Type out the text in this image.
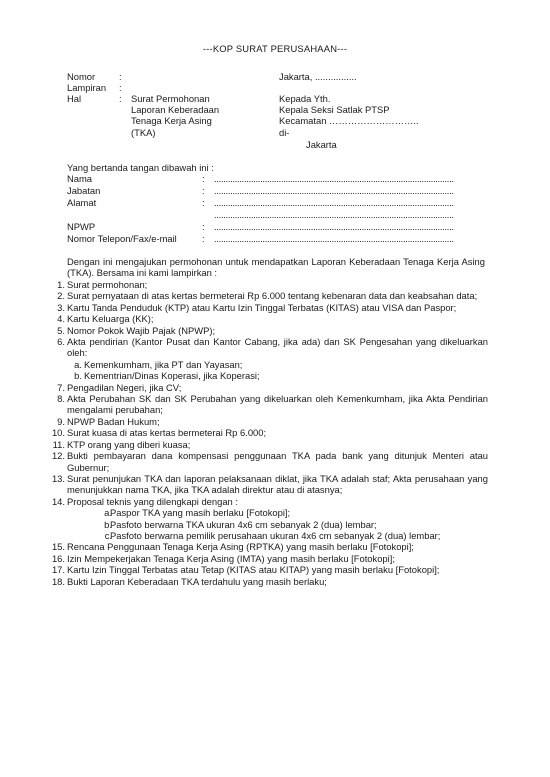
---KOP SURAT PERUSAHAAN---
Nomor	:
Lampiran :
Hal	: Surat Permohonan
Laporan Keberadaan
Tenaga Kerja Asing
(TKA)
Jakarta, ................
Kepada Yth.
Kepala Seksi Satlak PTSP
Kecamatan ………………………..
di-
Jakarta
Yang bertanda tangan dibawah ini :
Nama	: ........................................................................................................
Jabatan	: ........................................................................................................
Alamat	: ........................................................................................................
........................................................................................................
NPWP	: ........................................................................................................
Nomor Telepon/Fax/e-mail	: ........................................................................................................
Dengan ini mengajukan permohonan untuk mendapatkan Laporan Keberadaan Tenaga Kerja Asing (TKA). Bersama ini kami lampirkan :
1. Surat permohonan;
2. Surat pernyataan di atas kertas bermeterai Rp 6.000 tentang kebenaran data dan keabsahan data;
3. Kartu Tanda Penduduk (KTP) atau Kartu Izin Tinggal Terbatas (KITAS) atau VISA dan Paspor;
4. Kartu Keluarga (KK);
5. Nomor Pokok Wajib Pajak (NPWP);
6. Akta pendirian (Kantor Pusat dan Kantor Cabang, jika ada) dan SK Pengesahan yang dikeluarkan oleh:
a. Kemenkumham, jika PT dan Yayasan;
b. Kementrian/Dinas Koperasi, jika Koperasi;
7. Pengadilan Negeri, jika CV;
8. Akta Perubahan SK dan SK Perubahan yang dikeluarkan oleh Kemenkumham, jika Akta Pendirian mengalami perubahan;
9. NPWP Badan Hukum;
10. Surat kuasa di atas kertas bermeterai Rp 6.000;
11. KTP orang yang diberi kuasa;
12. Bukti pembayaran dana kompensasi penggunaan TKA pada bank yang ditunjuk Menteri atau Gubernur;
13. Surat penunjukan TKA dan laporan pelaksanaan diklat, jika TKA adalah staf; Akta perusahaan yang menunjukkan nama TKA, jika TKA adalah direktur atau di atasnya;
14. Proposal teknis yang dilengkapi dengan :
a.
Paspor TKA yang masih berlaku [Fotokopi];
b.
Pasfoto berwarna TKA ukuran 4x6 cm sebanyak 2 (dua) lembar;
c.
Pasfoto berwarna pemilik perusahaan ukuran 4x6 cm sebanyak 2 (dua) lembar;
15. Rencana Penggunaan Tenaga Kerja Asing (RPTKA) yang masih berlaku [Fotokopi];
16. Izin Mempekerjakan Tenaga Kerja Asing (IMTA) yang masih berlaku [Fotokopi];
17. Kartu Izin Tinggal Terbatas atau Tetap (KITAS atau KITAP) yang masih berlaku [Fotokopi];
18. Bukti Laporan Keberadaan TKA terdahulu yang masih berlaku;
